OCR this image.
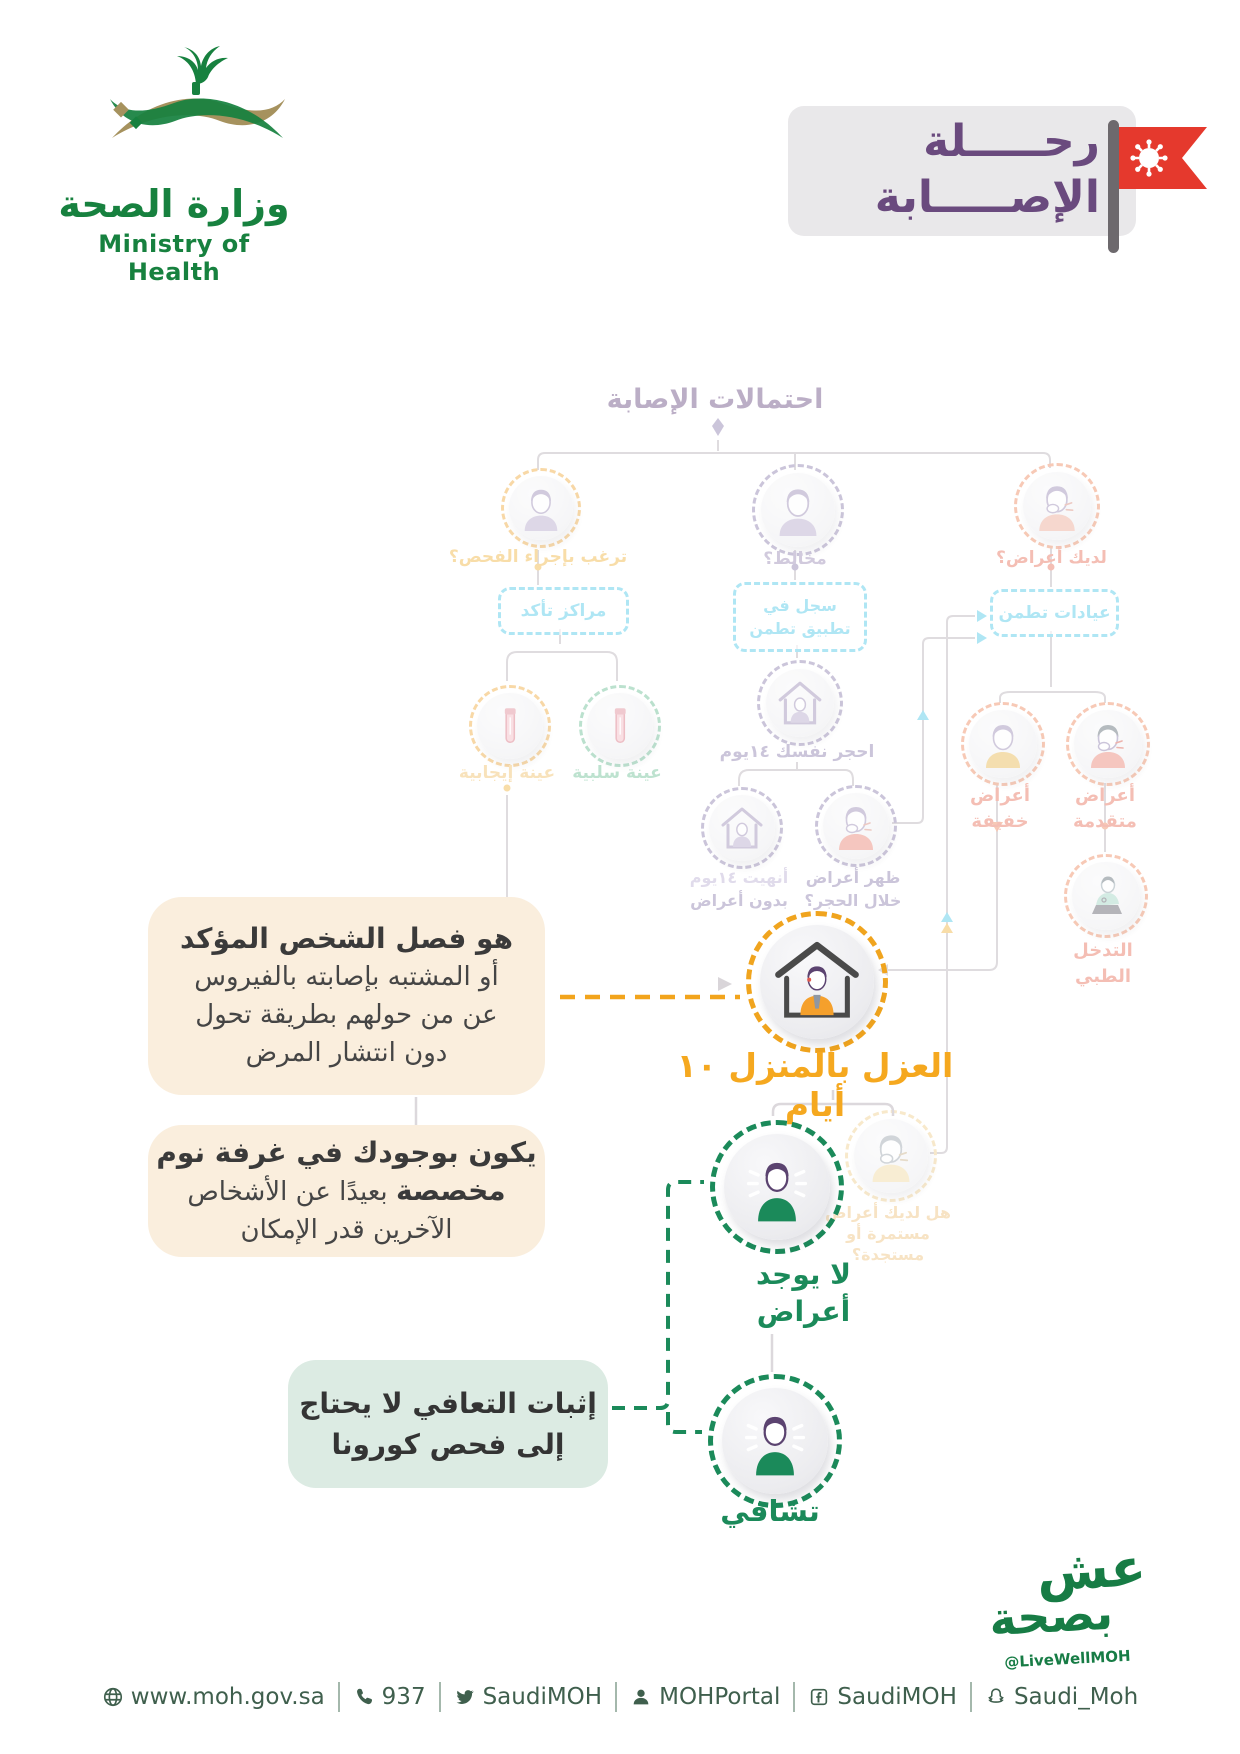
وزارة الصحة
Ministry of Health
رحـــــلة
الإصـــــابة
احتمالات الإصابة
ترغب بإجراء الفحص؟	مخالط؟	لديك أعراض؟
مراكز تأكد	سجل في
تطبيق تطمن
عيادات تطمن
عينة إيجابية	عينة سلبية
احجر نفسك ١٤يوم
أنهيت ١٤يوم
بدون أعراض
ظهر أعراض
خلال الحجر؟
أعراض
خفيفة
أعراض
متقدمة
التدخل
الطبي
هل لديك أعراض
مستمرة أو
مستجدة؟
العزل بالمنزل ١٠ أيام
لا يوجد
أعراض
تشافي
هو فصل الشخص المؤكد
أو المشتبه بإصابته بالفيروس
عن من حولهم بطريقة تحول
دون انتشار المرض
يكون بوجودك في غرفة نوم
مخصصة بعيدًا عن الأشخاص
الآخرين قدر الإمكان
إثبات التعافي لا يحتاج
إلى فحص كورونا
عش
بصحة
@LiveWellMOH
www.moh.gov.sa 937 SaudiMOH MOHPortal SaudiMOH Saudi_Moh
